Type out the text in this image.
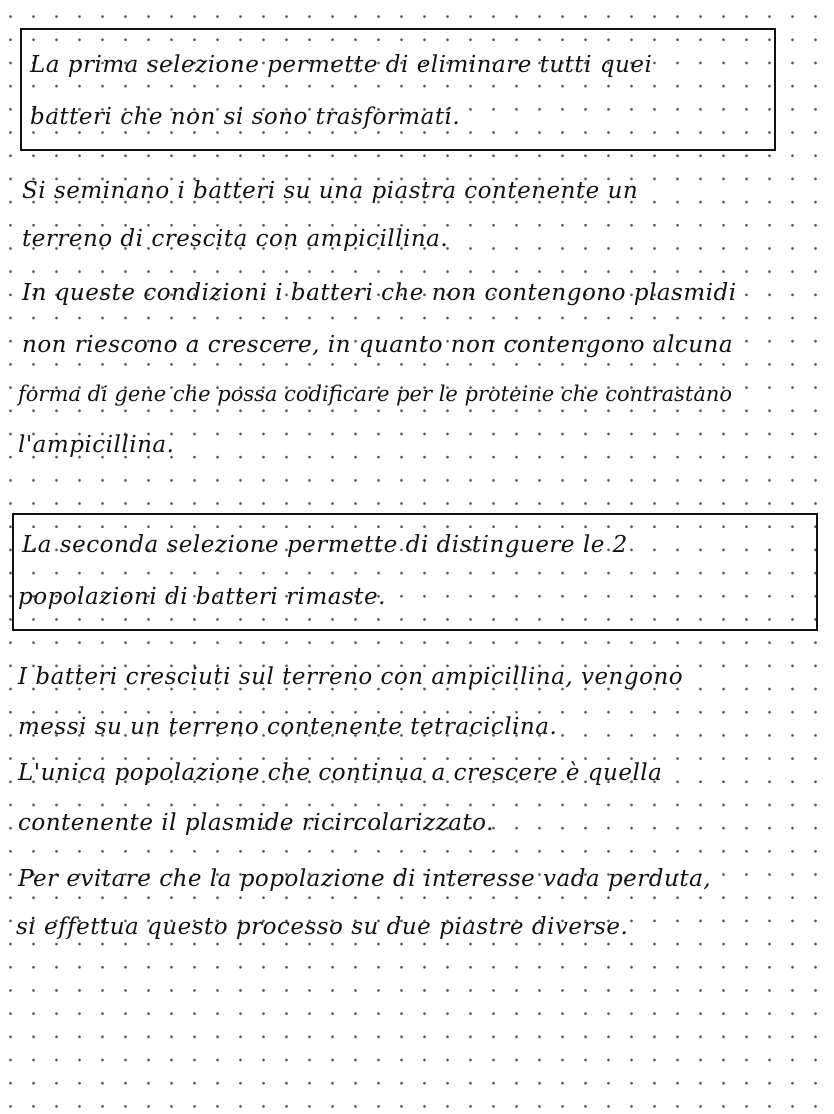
La prima selezione permette di eliminare tutti quei
batteri che non si sono trasformati.
Si seminano i batteri su una piastra contenente un
terreno di crescita con ampicillina.
In queste condizioni i batteri che non contengono plasmidi
non riescono a crescere, in quanto non contengono alcuna
forma di gene che possa codificare per le proteine che contrastano
l'ampicillina.
La seconda selezione permette di distinguere le 2
popolazioni di batteri rimaste.
I batteri cresciuti sul terreno con ampicillina, vengono
messi su un terreno contenente tetraciclina.
L'unica popolazione che continua a crescere è quella
contenente il plasmide ricircolarizzato.
Per evitare che la popolazione di interesse vada perduta,
si effettua questo processo su due piastre diverse.
